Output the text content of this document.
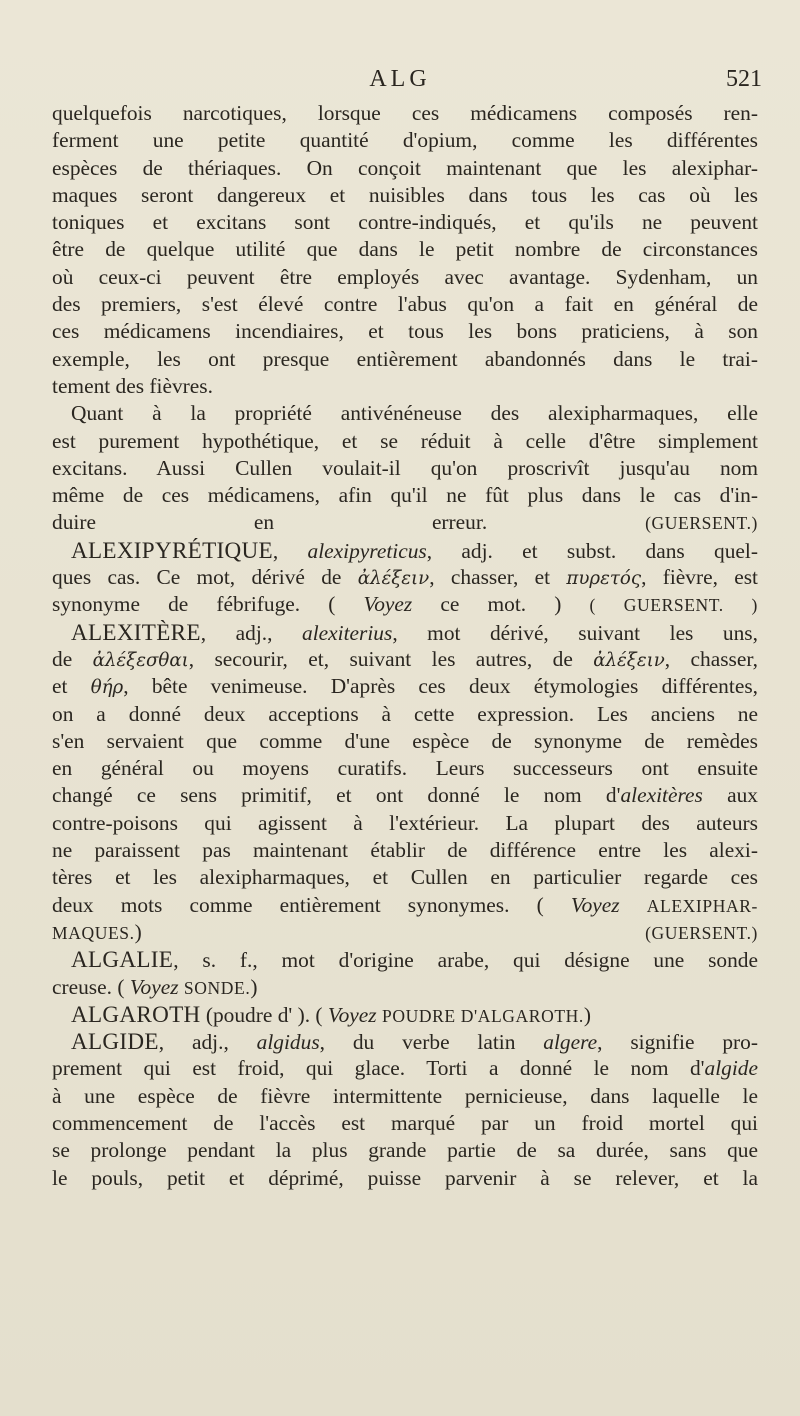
ALG	521
quelquefois narcotiques, lorsque ces médicamens composés ren-
ferment une petite quantité d'opium, comme les différentes
espèces de thériaques. On conçoit maintenant que les alexiphar-
maques seront dangereux et nuisibles dans tous les cas où les
toniques et excitans sont contre-indiqués, et qu'ils ne peuvent
être de quelque utilité que dans le petit nombre de circonstances
où ceux-ci peuvent être employés avec avantage. Sydenham, un
des premiers, s'est élevé contre l'abus qu'on a fait en général de
ces médicamens incendiaires, et tous les bons praticiens, à son
exemple, les ont presque entièrement abandonnés dans le trai-
tement des fièvres.
Quant à la propriété antivénéneuse des alexipharmaques, elle
est purement hypothétique, et se réduit à celle d'être simplement
excitans. Aussi Cullen voulait-il qu'on proscrivît jusqu'au nom
même de ces médicamens, afin qu'il ne fût plus dans le cas d'in-
duire en erreur.	(GUERSENT.)
ALEXIPYRÉTIQUE, alexipyreticus, adj. et subst. dans quel-
ques cas. Ce mot, dérivé de ἀλέξειν, chasser, et πυρετός, fièvre, est
synonyme de fébrifuge. ( Voyez ce mot. ) ( GUERSENT. )
ALEXITÈRE, adj., alexiterius, mot dérivé, suivant les uns,
de ἀλέξεσθαι, secourir, et, suivant les autres, de ἀλέξειν, chasser,
et θήρ, bête venimeuse. D'après ces deux étymologies différentes,
on a donné deux acceptions à cette expression. Les anciens ne
s'en servaient que comme d'une espèce de synonyme de remèdes
en général ou moyens curatifs. Leurs successeurs ont ensuite
changé ce sens primitif, et ont donné le nom d'alexitères aux
contre-poisons qui agissent à l'extérieur. La plupart des auteurs
ne paraissent pas maintenant établir de différence entre les alexi-
tères et les alexipharmaques, et Cullen en particulier regarde ces
deux mots comme entièrement synonymes. ( Voyez ALEXIPHAR-
MAQUES.)	(GUERSENT.)
ALGALIE, s. f., mot d'origine arabe, qui désigne une sonde
creuse. ( Voyez SONDE.)
ALGAROTH (poudre d' ). ( Voyez POUDRE D'ALGAROTH.)
ALGIDE, adj., algidus, du verbe latin algere, signifie pro-
prement qui est froid, qui glace. Torti a donné le nom d'algide
à une espèce de fièvre intermittente pernicieuse, dans laquelle le
commencement de l'accès est marqué par un froid mortel qui
se prolonge pendant la plus grande partie de sa durée, sans que
le pouls, petit et déprimé, puisse parvenir à se relever, et la
